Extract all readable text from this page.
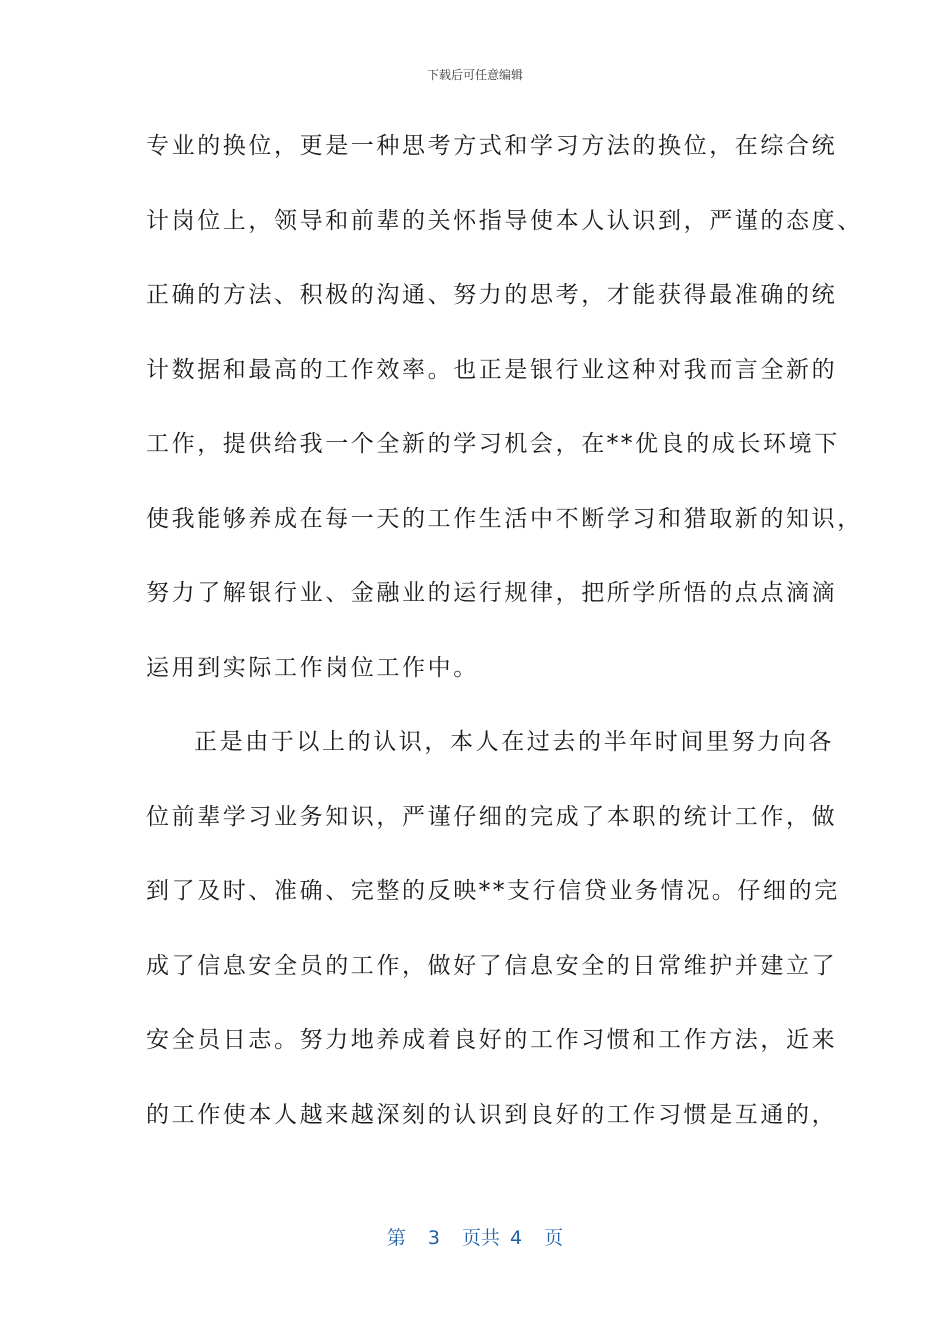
下载后可任意编辑
专业的换位，更是一种思考方式和学习方法的换位，在综合统
计岗位上，领导和前辈的关怀指导使本人认识到，严谨的态度、
正确的方法、积极的沟通、努力的思考，才能获得最准确的统
计数据和最高的工作效率。也正是银行业这种对我而言全新的
工作，提供给我一个全新的学习机会，在**优良的成长环境下
使我能够养成在每一天的工作生活中不断学习和猎取新的知识，
努力了解银行业、金融业的运行规律，把所学所悟的点点滴滴
运用到实际工作岗位工作中。
正是由于以上的认识，本人在过去的半年时间里努力向各
位前辈学习业务知识，严谨仔细的完成了本职的统计工作，做
到了及时、准确、完整的反映**支行信贷业务情况。仔细的完
成了信息安全员的工作，做好了信息安全的日常维护并建立了
安全员日志。努力地养成着良好的工作习惯和工作方法，近来
的工作使本人越来越深刻的认识到良好的工作习惯是互通的，
第 3 页共 4 页
